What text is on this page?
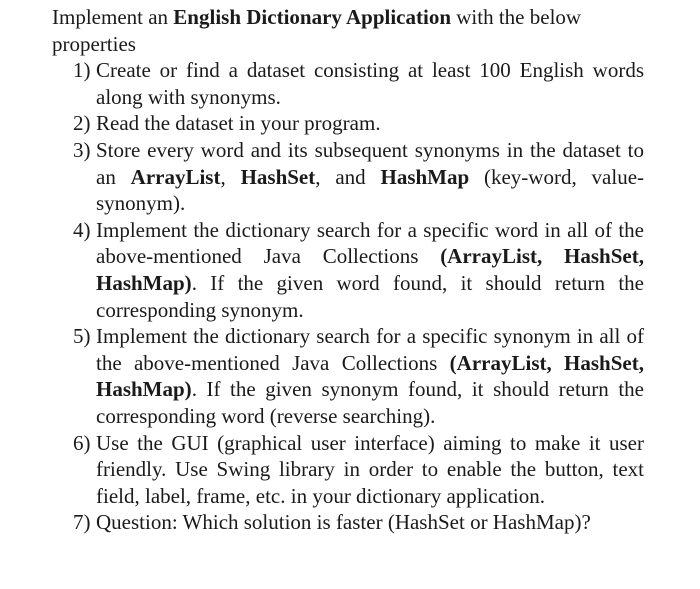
Implement an English Dictionary Application with the below properties

1) Create or find a dataset consisting at least 100 English words along with synonyms.
2) Read the dataset in your program.
3) Store every word and its subsequent synonyms in the dataset to an ArrayList, HashSet, and HashMap (key-word, value-synonym).
4) Implement the dictionary search for a specific word in all of the above-mentioned Java Collections (ArrayList, HashSet, HashMap). If the given word found, it should return the corresponding synonym.
5) Implement the dictionary search for a specific synonym in all of the above-mentioned Java Collections (ArrayList, HashSet, HashMap). If the given synonym found, it should return the corresponding word (reverse searching).
6) Use the GUI (graphical user interface) aiming to make it user friendly. Use Swing library in order to enable the button, text field, label, frame, etc. in your dictionary application.
7) Question: Which solution is faster (HashSet or HashMap)?
